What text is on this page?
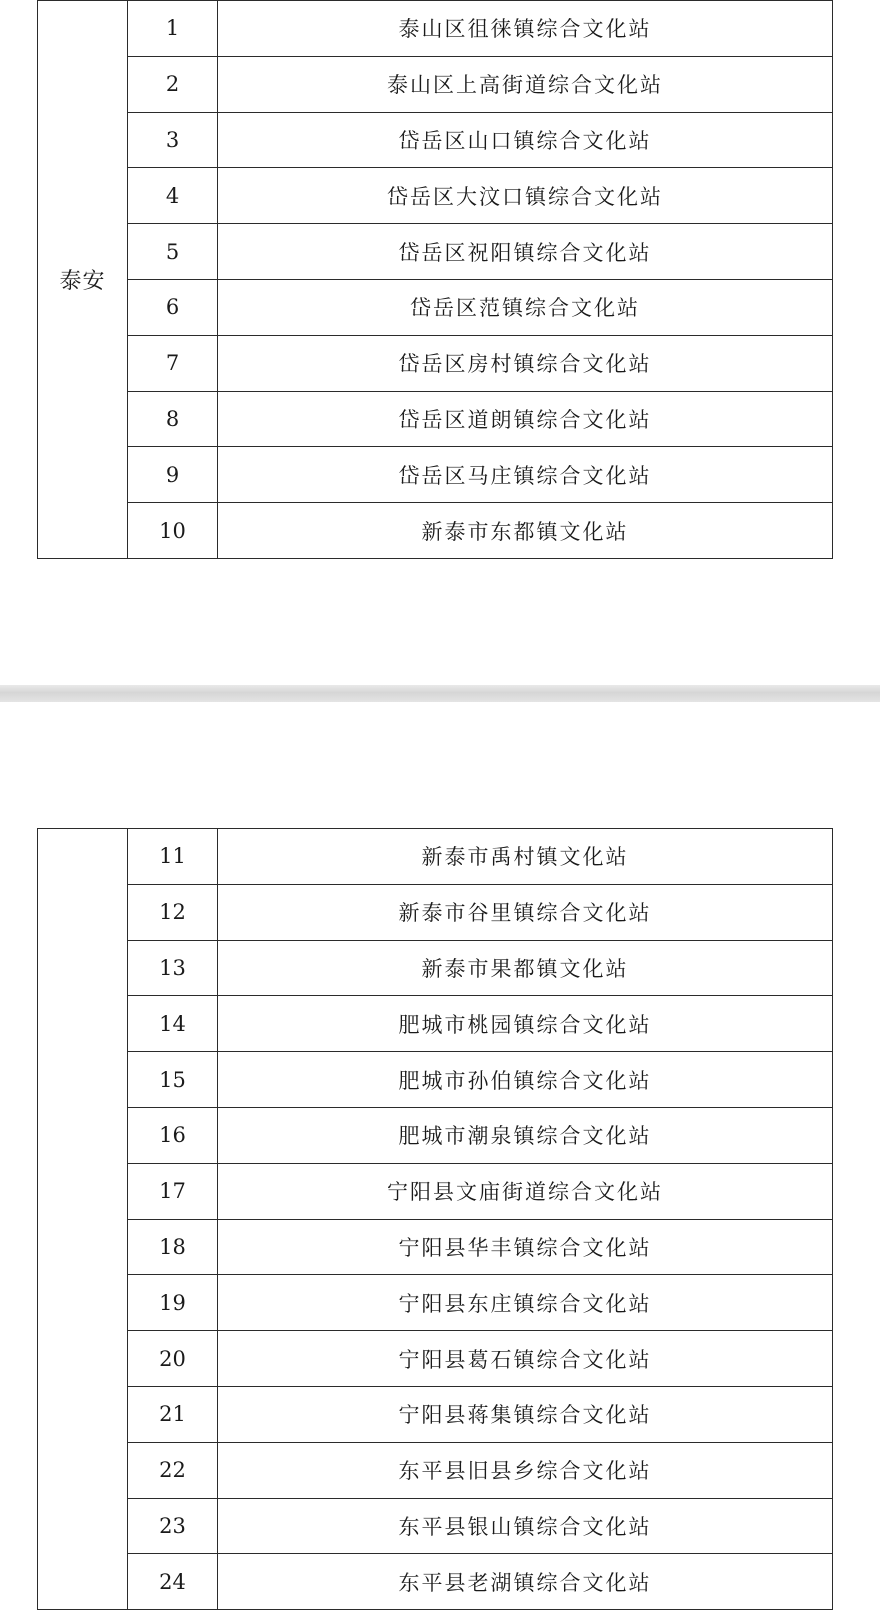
泰安	1	泰山区徂徕镇综合文化站
	2	泰山区上高街道综合文化站
	3	岱岳区山口镇综合文化站
	4	岱岳区大汶口镇综合文化站
	5	岱岳区祝阳镇综合文化站
	6	岱岳区范镇综合文化站
	7	岱岳区房村镇综合文化站
	8	岱岳区道朗镇综合文化站
	9	岱岳区马庄镇综合文化站
	10	新泰市东都镇文化站
	11	新泰市禹村镇文化站
	12	新泰市谷里镇综合文化站
	13	新泰市果都镇文化站
	14	肥城市桃园镇综合文化站
	15	肥城市孙伯镇综合文化站
	16	肥城市潮泉镇综合文化站
	17	宁阳县文庙街道综合文化站
	18	宁阳县华丰镇综合文化站
	19	宁阳县东庄镇综合文化站
	20	宁阳县葛石镇综合文化站
	21	宁阳县蒋集镇综合文化站
	22	东平县旧县乡综合文化站
	23	东平县银山镇综合文化站
	24	东平县老湖镇综合文化站
